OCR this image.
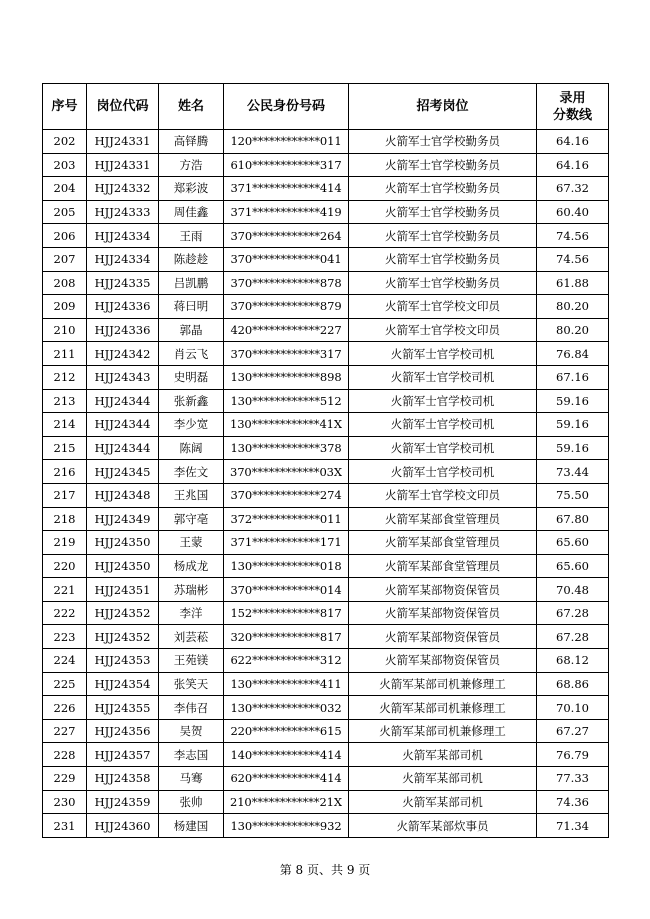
序号	岗位代码	姓名	公民身份号码	招考岗位	录用
分数线

202	HJJ24331	高铎腾	120************011	火箭军士官学校勤务员	64.16
203	HJJ24331	方浩	610************317	火箭军士官学校勤务员	64.16
204	HJJ24332	郑彩波	371************414	火箭军士官学校勤务员	67.32
205	HJJ24333	周佳鑫	371************419	火箭军士官学校勤务员	60.40
206	HJJ24334	王雨	370************264	火箭军士官学校勤务员	74.56
207	HJJ24334	陈趁趁	370************041	火箭军士官学校勤务员	74.56
208	HJJ24335	吕凯鹏	370************878	火箭军士官学校勤务员	61.88
209	HJJ24336	蒋曰明	370************879	火箭军士官学校文印员	80.20
210	HJJ24336	郭晶	420************227	火箭军士官学校文印员	80.20
211	HJJ24342	肖云飞	370************317	火箭军士官学校司机	76.84
212	HJJ24343	史明磊	130************898	火箭军士官学校司机	67.16
213	HJJ24344	张新鑫	130************512	火箭军士官学校司机	59.16
214	HJJ24344	李少宽	130************41X	火箭军士官学校司机	59.16
215	HJJ24344	陈阔	130************378	火箭军士官学校司机	59.16
216	HJJ24345	李佐文	370************03X	火箭军士官学校司机	73.44
217	HJJ24348	王兆国	370************274	火箭军士官学校文印员	75.50
218	HJJ24349	郭守亳	372************011	火箭军某部食堂管理员	67.80
219	HJJ24350	王蒙	371************171	火箭军某部食堂管理员	65.60
220	HJJ24350	杨成龙	130************018	火箭军某部食堂管理员	65.60
221	HJJ24351	苏瑞彬	370************014	火箭军某部物资保管员	70.48
222	HJJ24352	李洋	152************817	火箭军某部物资保管员	67.28
223	HJJ24352	刘芸菘	320************817	火箭军某部物资保管员	67.28
224	HJJ24353	王苑镁	622************312	火箭军某部物资保管员	68.12
225	HJJ24354	张笑天	130************411	火箭军某部司机兼修理工	68.86
226	HJJ24355	李伟召	130************032	火箭军某部司机兼修理工	70.10
227	HJJ24356	吴贺	220************615	火箭军某部司机兼修理工	67.27
228	HJJ24357	李志国	140************414	火箭军某部司机	76.79
229	HJJ24358	马骞	620************414	火箭军某部司机	77.33
230	HJJ24359	张帅	210************21X	火箭军某部司机	74.36
231	HJJ24360	杨建国	130************932	火箭军某部炊事员	71.34
第 8 页、共 9 页
